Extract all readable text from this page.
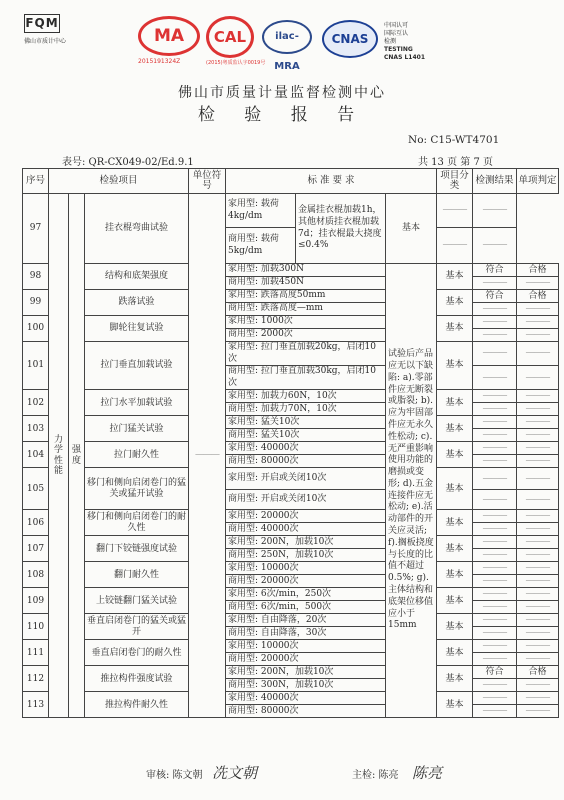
FQM
佛山市质计中心	MA
2015191324Z
CAL
(2015)粤质监认字0019号
ilac-MRA
CNAS
中国认可
国际互认
检测
TESTING
CNAS L1401
佛山市质量计量监督检测中心
检 验 报 告
No: C15-WT4701
表号: QR-CX049-02/Ed.9.1	共 13 页 第 7 页
序号	检验项目			单位符号	标 准 要 求			项目分类	检测结果	单项判定
97	力学性能	强度	挂衣棍弯曲试验	———	家用型: 载荷4kg/dm	金属挂衣棍加载1h，其他材质挂衣棍加载7d；挂衣棍最大挠度≤0.4%	基本	———	———	
					商用型: 载荷5kg/dm			———	———	
98			结构和底架强度		家用型: 加载300N		试验后产品应无以下缺陷: a).零部件应无断裂或脂裂; b).应为牢固部件应无永久性松动; c).无严重影响使用功能的磨损或变形; d).五金连接件应无松动; e).活动部件的开关应灵活; f).搁板挠度与长度的比值不超过0.5%; g).主体结构和底架位移值应小于15mm	基本	符合	合格
					商用型: 加载450N				———	———
99			跌落试验		家用型: 跌落高度50mm			基本	符合	合格
					商用型: 跌落高度—mm				———	———
100			脚轮往复试验		家用型: 1000次			基本	———	———
					商用型: 2000次				———	———
101			拉门垂直加载试验		家用型: 拉门垂直加载20kg，启闭10次			基本	———	———
					商用型: 拉门垂直加载30kg，启闭10次				———	———
102			拉门水平加载试验		家用型: 加载力60N，10次			基本	———	———
					商用型: 加载力70N，10次				———	———
103			拉门猛关试验		家用型: 猛关10次			基本	———	———
					商用型: 猛关10次				———	———
104			拉门耐久性		家用型: 40000次			基本	———	———
					商用型: 80000次				———	———
105			移门和侧向启闭卷门的猛关或猛开试验		家用型: 开启或关闭10次			基本	———	———
					商用型: 开启或关闭10次				———	———
106			移门和侧向启闭卷门的耐久性		家用型: 20000次			基本	———	———
					商用型: 40000次				———	———
107			翻门下铰链强度试验		家用型: 200N，加载10次			基本	———	———
					商用型: 250N，加载10次				———	———
108			翻门耐久性		家用型: 10000次			基本	———	———
					商用型: 20000次				———	———
109			上铰链翻门猛关试验		家用型: 6次/min，250次			基本	———	———
					商用型: 6次/min，500次				———	———
110			垂直启闭卷门的猛关或猛开		家用型: 自由降落，20次			基本	———	———
					商用型: 自由降落，30次				———	———
111			垂直启闭卷门的耐久性		家用型: 10000次			基本	———	———
					商用型: 20000次				———	———
112			推拉构件强度试验		家用型: 200N，加载10次			基本	符合	合格
					商用型: 300N，加载10次				———	———
113			推拉构件耐久性		家用型: 40000次			基本	———	———
					商用型: 80000次				———	———
审核: 陈文朝 冼文朝	主检: 陈亮 陈亮
